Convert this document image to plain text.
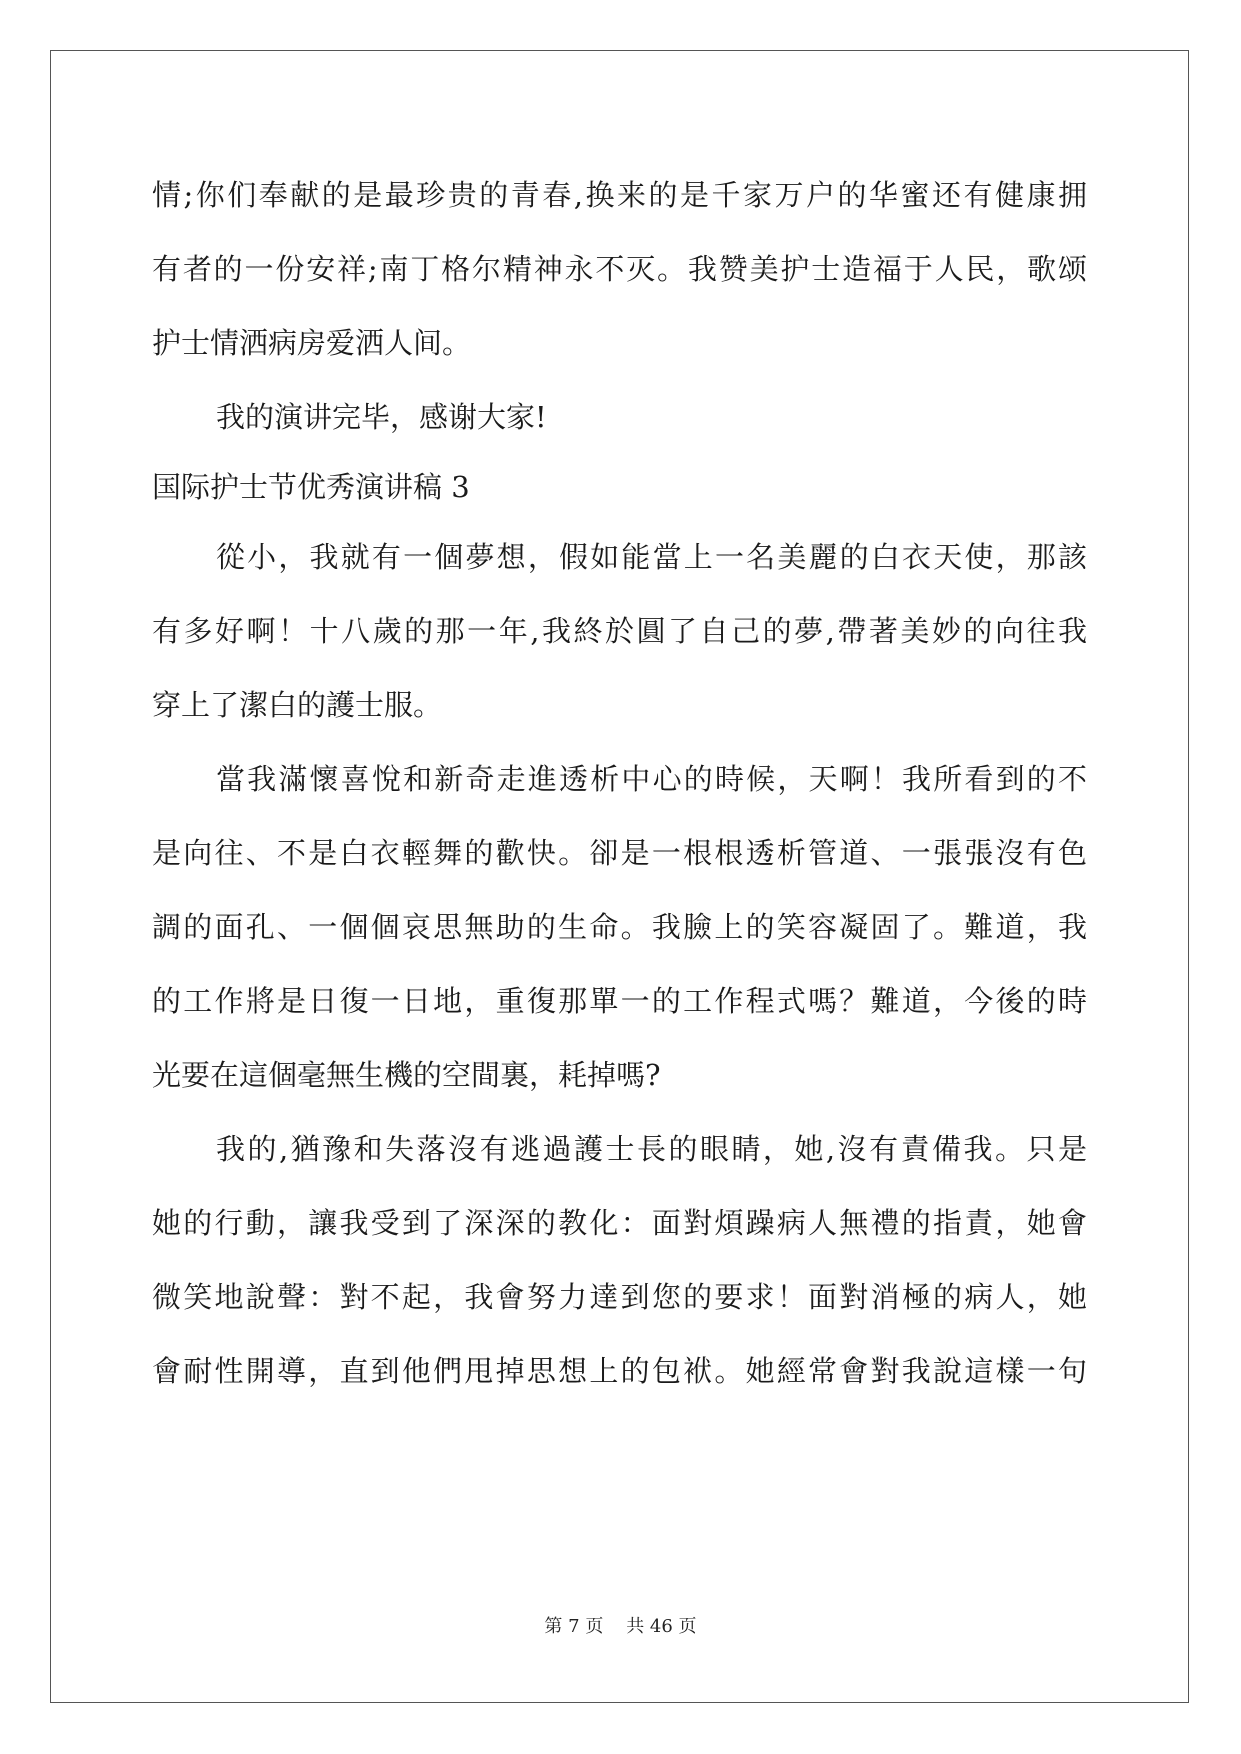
情;你们奉献的是最珍贵的青春,换来的是千家万户的华蜜还有健康拥
有者的一份安祥;南丁格尔精神永不灭。我赞美护士造福于人民，歌颂
护士情洒病房爱洒人间。
我的演讲完毕，感谢大家!
国际护士节优秀演讲稿 3
從小，我就有一個夢想，假如能當上一名美麗的白衣天使，那該
有多好啊！十八歲的那一年,我終於圓了自己的夢,帶著美妙的向往我
穿上了潔白的護士服。
當我滿懷喜悅和新奇走進透析中心的時候，天啊！我所看到的不
是向往、不是白衣輕舞的歡快。卻是一根根透析管道、一張張沒有色
調的面孔、一個個哀思無助的生命。我臉上的笑容凝固了。難道，我
的工作將是日復一日地，重復那單一的工作程式嗎？難道，今後的時
光要在這個毫無生機的空間裏，耗掉嗎?
我的,猶豫和失落沒有逃過護士長的眼睛，她,沒有責備我。只是
她的行動，讓我受到了深深的教化：面對煩躁病人無禮的指責，她會
微笑地說聲：對不起，我會努力達到您的要求！面對消極的病人，她
會耐性開導，直到他們甩掉思想上的包袱。她經常會對我說這樣一句
第 7 页    共 46 页
